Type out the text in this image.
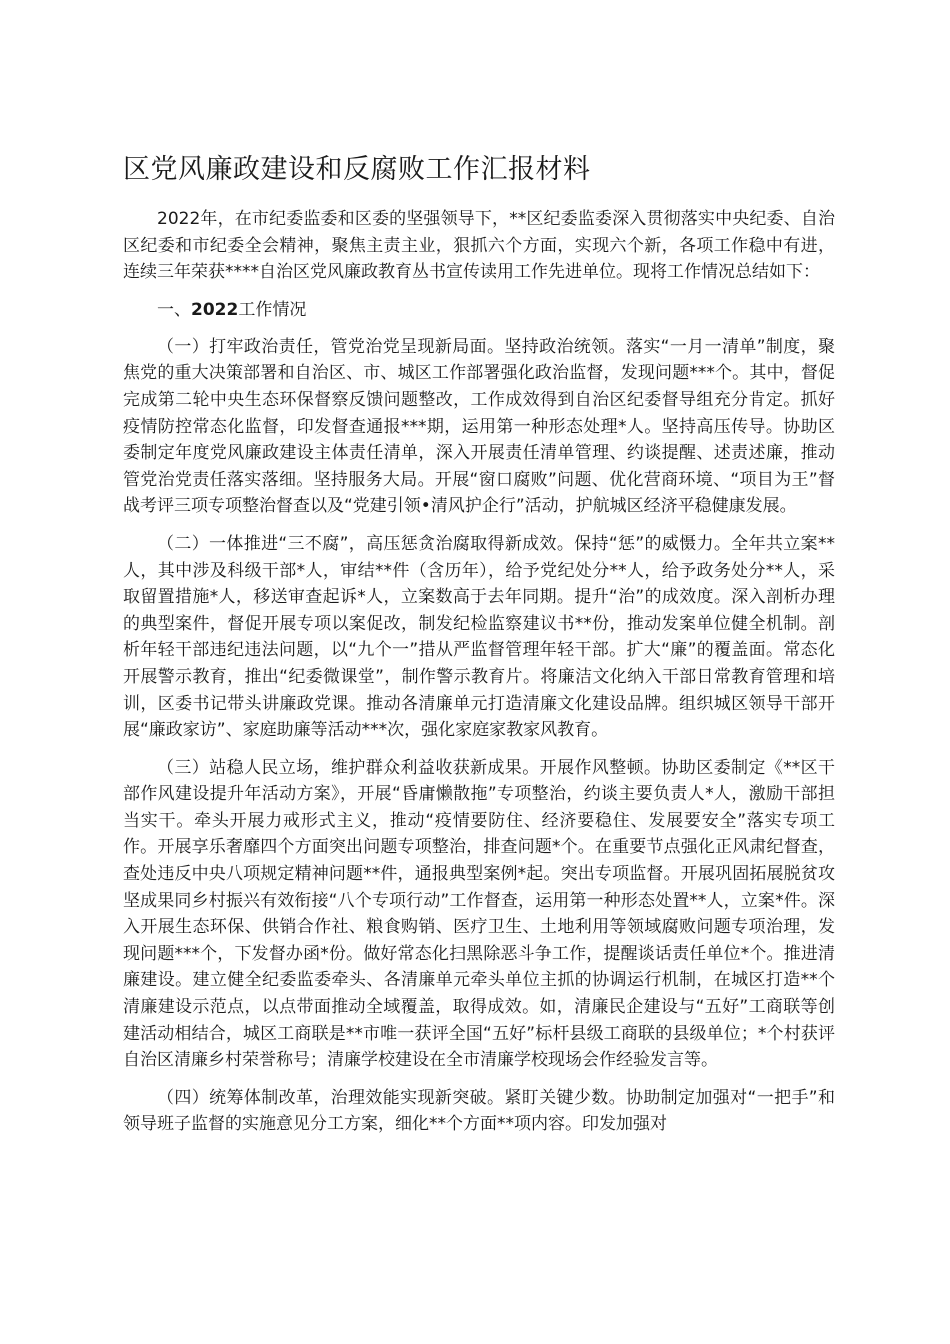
区党风廉政建设和反腐败工作汇报材料

2022年，在市纪委监委和区委的坚强领导下，**区纪委监委深入贯彻落实中央纪委、自治区纪委和市纪委全会精神，聚焦主责主业，狠抓六个方面，实现六个新，各项工作稳中有进，连续三年荣获****自治区党风廉政教育丛书宣传读用工作先进单位。现将工作情况总结如下：

一、2022工作情况

（一）打牢政治责任，管党治党呈现新局面。坚持政治统领。落实“一月一清单”制度，聚焦党的重大决策部署和自治区、市、城区工作部署强化政治监督，发现问题***个。其中，督促完成第二轮中央生态环保督察反馈问题整改，工作成效得到自治区纪委督导组充分肯定。抓好疫情防控常态化监督，印发督查通报***期，运用第一种形态处理*人。坚持高压传导。协助区委制定年度党风廉政建设主体责任清单，深入开展责任清单管理、约谈提醒、述责述廉，推动管党治党责任落实落细。坚持服务大局。开展“窗口腐败”问题、优化营商环境、“项目为王”督战考评三项专项整治督查以及“党建引领•清风护企行”活动，护航城区经济平稳健康发展。

（二）一体推进“三不腐”，高压惩贪治腐取得新成效。保持“惩”的威慑力。全年共立案**人，其中涉及科级干部*人，审结**件（含历年），给予党纪处分**人，给予政务处分**人，采取留置措施*人，移送审查起诉*人，立案数高于去年同期。提升“治”的成效度。深入剖析办理的典型案件，督促开展专项以案促改，制发纪检监察建议书**份，推动发案单位健全机制。剖析年轻干部违纪违法问题，以“九个一”措从严监督管理年轻干部。扩大“廉”的覆盖面。常态化开展警示教育，推出“纪委微课堂”，制作警示教育片。将廉洁文化纳入干部日常教育管理和培训，区委书记带头讲廉政党课。推动各清廉单元打造清廉文化建设品牌。组织城区领导干部开展“廉政家访”、家庭助廉等活动***次，强化家庭家教家风教育。

（三）站稳人民立场，维护群众利益收获新成果。开展作风整顿。协助区委制定《**区干部作风建设提升年活动方案》，开展“昏庸懒散拖”专项整治，约谈主要负责人*人，激励干部担当实干。牵头开展力戒形式主义，推动“疫情要防住、经济要稳住、发展要安全”落实专项工作。开展享乐奢靡四个方面突出问题专项整治，排查问题*个。在重要节点强化正风肃纪督查，查处违反中央八项规定精神问题**件，通报典型案例*起。突出专项监督。开展巩固拓展脱贫攻坚成果同乡村振兴有效衔接“八个专项行动”工作督查，运用第一种形态处置**人，立案*件。深入开展生态环保、供销合作社、粮食购销、医疗卫生、土地利用等领域腐败问题专项治理，发现问题***个，下发督办函*份。做好常态化扫黑除恶斗争工作，提醒谈话责任单位*个。推进清廉建设。建立健全纪委监委牵头、各清廉单元牵头单位主抓的协调运行机制，在城区打造**个清廉建设示范点，以点带面推动全域覆盖，取得成效。如，清廉民企建设与“五好”工商联等创建活动相结合，城区工商联是**市唯一获评全国“五好”标杆县级工商联的县级单位；*个村获评自治区清廉乡村荣誉称号；清廉学校建设在全市清廉学校现场会作经验发言等。

（四）统筹体制改革，治理效能实现新突破。紧盯关键少数。协助制定加强对“一把手”和领导班子监督的实施意见分工方案，细化**个方面**项内容。印发加强对
